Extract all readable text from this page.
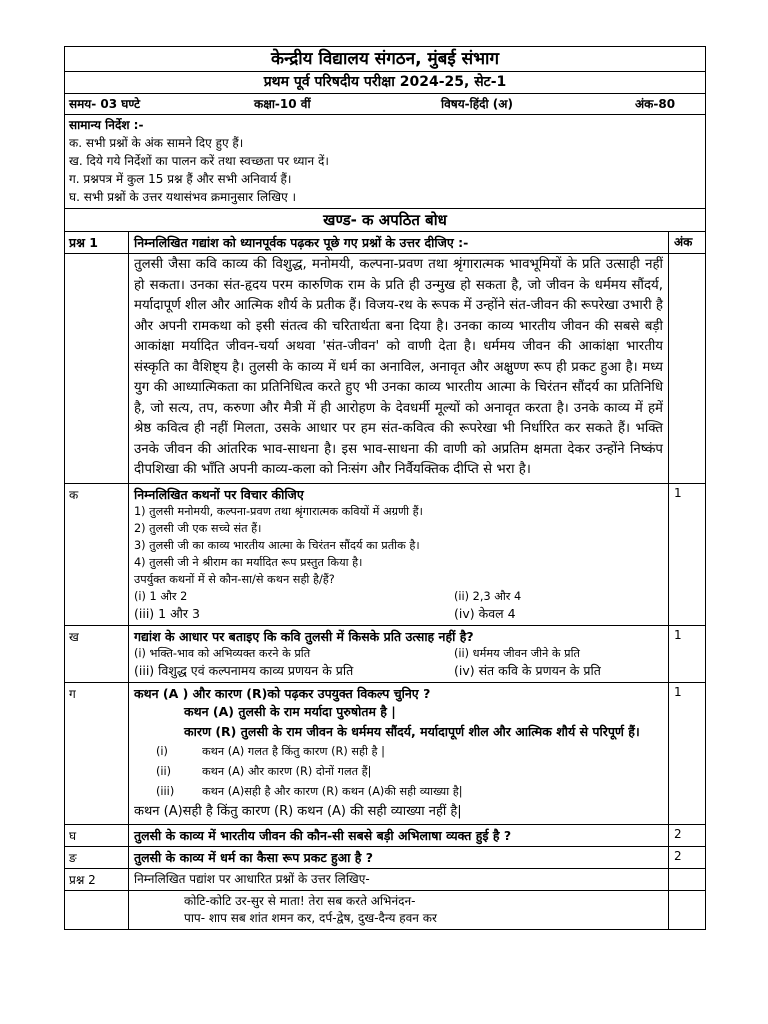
केन्द्रीय विद्यालय संगठन, मुंबई संभाग
प्रथम पूर्व परिषदीय परीक्षा 2024-25, सेट-1
समय- 03 घण्टे	कक्षा-10 वीं	विषय-हिंदी (अ)	अंक-80
सामान्य निर्देश :-
क. सभी प्रश्नों के अंक सामने दिए हुए हैं।
ख. दिये गये निर्देशों का पालन करें तथा स्वच्छता पर ध्यान दें।
ग. प्रश्नपत्र में कुल 15 प्रश्न हैं और सभी अनिवार्य हैं।
घ. सभी प्रश्नों के उत्तर यथासंभव क्रमानुसार लिखिए ।
खण्ड- क अपठित बोध
प्रश्न 1	निम्नलिखित गद्यांश को ध्यानपूर्वक पढ़कर पूछे गए प्रश्नों के उत्तर दीजिए :-	अंक
तुलसी जैसा कवि काव्य की विशुद्ध, मनोमयी, कल्पना-प्रवण तथा श्रृंगारात्मक भावभूमियों के प्रति उत्साही नहीं हो सकता। उनका संत-हृदय परम कारुणिक राम के प्रति ही उन्मुख हो सकता है, जो जीवन के धर्ममय सौंदर्य, मर्यादापूर्ण शील और आत्मिक शौर्य के प्रतीक हैं। विजय-रथ के रूपक में उन्होंने संत-जीवन की रूपरेखा उभारी है और अपनी रामकथा को इसी संतत्व की चरितार्थता बना दिया है। उनका काव्य भारतीय जीवन की सबसे बड़ी आकांक्षा मर्यादित जीवन-चर्या अथवा 'संत-जीवन' को वाणी देता है। धर्ममय जीवन की आकांक्षा भारतीय संस्कृति का वैशिष्ट्य है। तुलसी के काव्य में धर्म का अनाविल, अनावृत और अक्षुण्ण रूप ही प्रकट हुआ है। मध्य युग की आध्यात्मिकता का प्रतिनिधित्व करते हुए भी उनका काव्य भारतीय आत्मा के चिरंतन सौंदर्य का प्रतिनिधि है, जो सत्य, तप, करुणा और मैत्री में ही आरोहण के देवधर्मी मूल्यों को अनावृत करता है। उनके काव्य में हमें श्रेष्ठ कवित्व ही नहीं मिलता, उसके आधार पर हम संत-कवित्व की रूपरेखा भी निर्धारित कर सकते हैं। भक्ति उनके जीवन की आंतरिक भाव-साधना है। इस भाव-साधना की वाणी को अप्रतिम क्षमता देकर उन्होंने निष्कंप दीपशिखा की भाँति अपनी काव्य-कला को निःसंग और निर्वैयक्तिक दीप्ति से भरा है।
क	निम्नलिखित कथनों पर विचार कीजिए
1) तुलसी मनोमयी, कल्पना-प्रवण तथा श्रृंगारात्मक कवियों में अग्रणी हैं।
2) तुलसी जी एक सच्चे संत हैं।
3) तुलसी जी का काव्य भारतीय आत्मा के चिरंतन सौंदर्य का प्रतीक है।
4) तुलसी जी ने श्रीराम का मर्यादित रूप प्रस्तुत किया है।
उपर्युक्त कथनों में से कौन-सा/से कथन सही है/हैं?
(i) 1 और 2	(ii) 2,3 और 4
(iii) 1 और 3	(iv) केवल 4
1
ख	गद्यांश के आधार पर बताइए कि कवि तुलसी में किसके प्रति उत्साह नहीं है?
(i) भक्ति-भाव को अभिव्यक्त करने के प्रति	(ii) धर्ममय जीवन जीने के प्रति
(iii) विशुद्ध एवं कल्पनामय काव्य प्रणयन के प्रति	(iv) संत कवि के प्रणयन के प्रति
1
ग	कथन (A ) और कारण (R)को पढ़कर उपयुक्त विकल्प चुनिए ?
कथन (A) तुलसी के राम मर्यादा पुरुषोतम है |
कारण (R) तुलसी के राम जीवन के धर्ममय सौंदर्य, मर्यादापूर्ण शील और आत्मिक शौर्य से परिपूर्ण हैं।
(i)	कथन (A) गलत है किंतु कारण (R) सही है |
(ii)	कथन (A) और कारण (R) दोनों गलत हैं|
(iii) कथन (A)सही है और कारण (R) कथन (A)की सही व्याख्या है|
कथन (A)सही है किंतु कारण (R) कथन (A) की सही व्याख्या नहीं है|
1
घ	तुलसी के काव्य में भारतीय जीवन की कौन-सी सबसे बड़ी अभिलाषा व्यक्त हुई है ?	2
ङ	तुलसी के काव्य में धर्म का कैसा रूप प्रकट हुआ है ?	2
प्रश्न 2	निम्नलिखित पद्यांश पर आधारित प्रश्नों के उत्तर लिखिए-
कोटि-कोटि उर-सुर से माता! तेरा सब करते अभिनंदन-
पाप- शाप सब शांत शमन कर, दर्प-द्वेष, दुख-दैन्य हवन कर
